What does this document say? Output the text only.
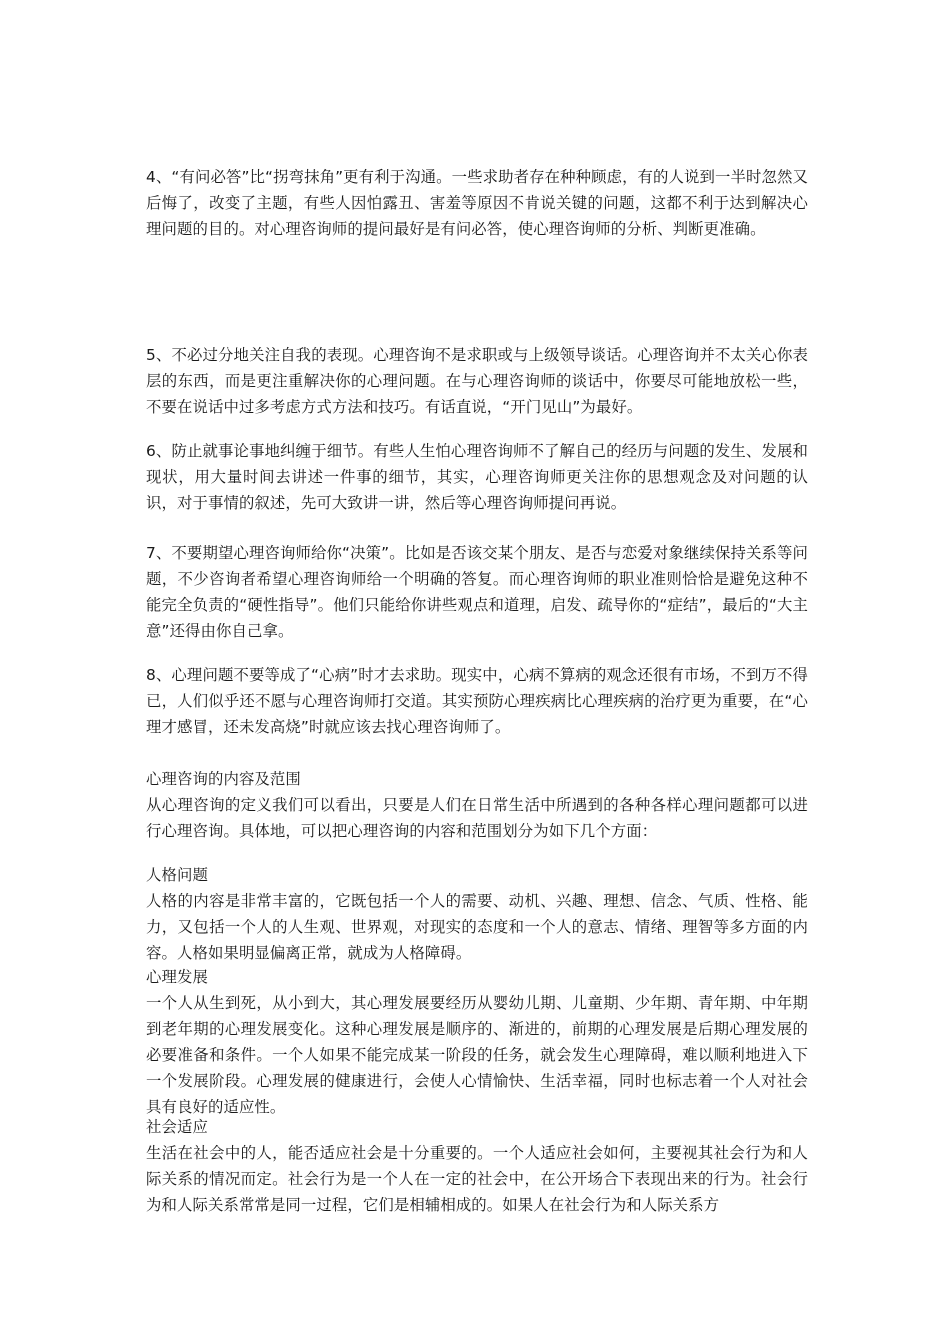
4、“有问必答”比“拐弯抹角”更有利于沟通。一些求助者存在种种顾虑，有的人说到一半时忽然又后悔了，改变了主题，有些人因怕露丑、害羞等原因不肯说关键的问题，这都不利于达到解决心理问题的目的。对心理咨询师的提问最好是有问必答，使心理咨询师的分析、判断更准确。

5、不必过分地关注自我的表现。心理咨询不是求职或与上级领导谈话。心理咨询并不太关心你表层的东西，而是更注重解决你的心理问题。在与心理咨询师的谈话中，你要尽可能地放松一些，不要在说话中过多考虑方式方法和技巧。有话直说，“开门见山”为最好。

6、防止就事论事地纠缠于细节。有些人生怕心理咨询师不了解自己的经历与问题的发生、发展和现状，用大量时间去讲述一件事的细节，其实，心理咨询师更关注你的思想观念及对问题的认识，对于事情的叙述，先可大致讲一讲，然后等心理咨询师提问再说。

7、不要期望心理咨询师给你“决策”。比如是否该交某个朋友、是否与恋爱对象继续保持关系等问题，不少咨询者希望心理咨询师给一个明确的答复。而心理咨询师的职业准则恰恰是避免这种不能完全负责的“硬性指导”。他们只能给你讲些观点和道理，启发、疏导你的“症结”，最后的“大主意”还得由你自己拿。

8、心理问题不要等成了“心病”时才去求助。现实中，心病不算病的观念还很有市场，不到万不得已，人们似乎还不愿与心理咨询师打交道。其实预防心理疾病比心理疾病的治疗更为重要，在“心理才感冒，还未发高烧”时就应该去找心理咨询师了。

心理咨询的内容及范围

从心理咨询的定义我们可以看出，只要是人们在日常生活中所遇到的各种各样心理问题都可以进行心理咨询。具体地，可以把心理咨询的内容和范围划分为如下几个方面：

人格问题

人格的内容是非常丰富的，它既包括一个人的需要、动机、兴趣、理想、信念、气质、性格、能力，又包括一个人的人生观、世界观，对现实的态度和一个人的意志、情绪、理智等多方面的内容。人格如果明显偏离正常，就成为人格障碍。

心理发展

一个人从生到死，从小到大，其心理发展要经历从婴幼儿期、儿童期、少年期、青年期、中年期到老年期的心理发展变化。这种心理发展是顺序的、渐进的，前期的心理发展是后期心理发展的必要准备和条件。一个人如果不能完成某一阶段的任务，就会发生心理障碍，难以顺利地进入下一个发展阶段。心理发展的健康进行，会使人心情愉快、生活幸福，同时也标志着一个人对社会具有良好的适应性。

社会适应

生活在社会中的人，能否适应社会是十分重要的。一个人适应社会如何，主要视其社会行为和人际关系的情况而定。社会行为是一个人在一定的社会中，在公开场合下表现出来的行为。社会行为和人际关系常常是同一过程，它们是相辅相成的。如果人在社会行为和人际关系方
